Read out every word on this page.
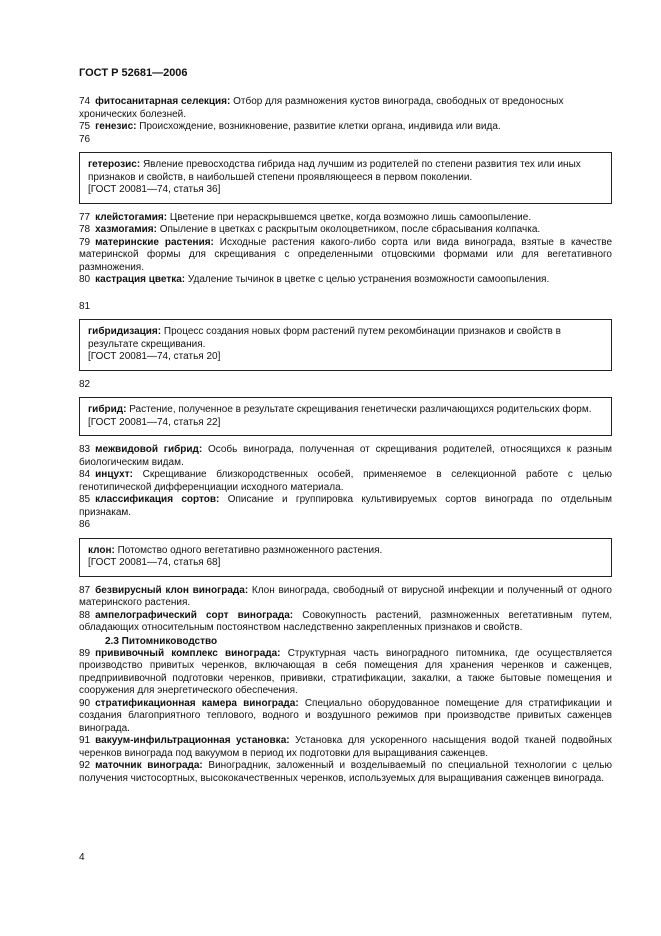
ГОСТ Р 52681—2006

74 фитосанитарная селекция: Отбор для размножения кустов винограда, свободных от вредоносных хронических болезней.

75 генезис: Происхождение, возникновение, развитие клетки органа, индивида или вида.

76

гетерозис: Явление превосходства гибрида над лучшим из родителей по степени развития тех или иных признаков и свойств, в наибольшей степени проявляющееся в первом поколении.
[ГОСТ 20081—74, статья 36]

77 клейстогамия: Цветение при нераскрывшемся цветке, когда возможно лишь самоопыление.

78 хазмогамия: Опыление в цветках с раскрытым околоцветником, после сбрасывания колпачка.

79 материнские растения: Исходные растения какого-либо сорта или вида винограда, взятые в качестве материнской формы для скрещивания с определенными отцовскими формами или для вегетативного размножения.

80 кастрация цветка: Удаление тычинок в цветке с целью устранения возможности самоопыления.

81

гибридизация: Процесс создания новых форм растений путем рекомбинации признаков и свойств в результате скрещивания.
[ГОСТ 20081—74, статья 20]

82

гибрид: Растение, полученное в результате скрещивания генетически различающихся родительских форм.
[ГОСТ 20081—74, статья 22]

83 межвидовой гибрид: Особь винограда, полученная от скрещивания родителей, относящихся к разным биологическим видам.

84 инцухт: Скрещивание близкородственных особей, применяемое в селекционной работе с целью генотипической дифференциации исходного материала.

85 классификация сортов: Описание и группировка культивируемых сортов винограда по отдельным признакам.

86

клон: Потомство одного вегетативно размноженного растения.
[ГОСТ 20081—74, статья 68]

87 безвирусный клон винограда: Клон винограда, свободный от вирусной инфекции и полученный от одного материнского растения.

88 ампелографический сорт винограда: Совокупность растений, размноженных вегетативным путем, обладающих относительным постоянством наследственно закрепленных признаков и свойств.

2.3 Питомниководство

89 прививочный комплекс винограда: Структурная часть виноградного питомника, где осуществляется производство привитых черенков, включающая в себя помещения для хранения черенков и саженцев, предприививочной подготовки черенков, прививки, стратификации, закалки, а также бытовые помещения и сооружения для энергетического обеспечения.

90 стратификационная камера винограда: Специально оборудованное помещение для стратификации и создания благоприятного теплового, водного и воздушного режимов при производстве привитых саженцев винограда.

91 вакуум-инфильтрационная установка: Установка для ускоренного насыщения водой тканей подвойных черенков винограда под вакуумом в период их подготовки для выращивания саженцев.

92 маточник винограда: Виноградник, заложенный и возделываемый по специальной технологии с целью получения чистосортных, высококачественных черенков, используемых для выращивания саженцев винограда.

4
